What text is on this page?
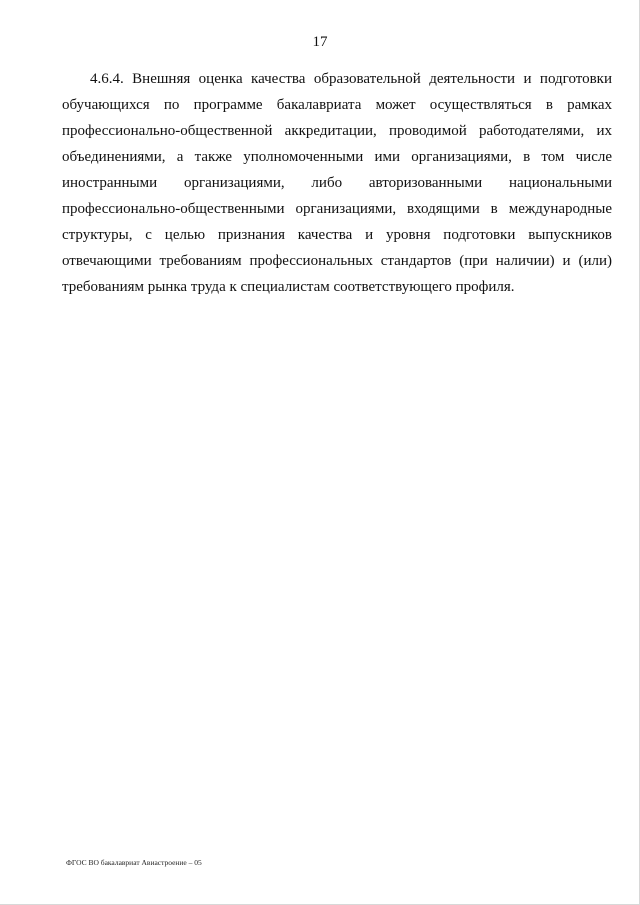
17

4.6.4. Внешняя оценка качества образовательной деятельности и подготовки обучающихся по программе бакалавриата может осуществляться в рамках профессионально-общественной аккредитации, проводимой работодателями, их объединениями, а также уполномоченными ими организациями, в том числе иностранными организациями, либо авторизованными национальными профессионально-общественными организациями, входящими в международные структуры, с целью признания качества и уровня подготовки выпускников отвечающими требованиям профессиональных стандартов (при наличии) и (или) требованиям рынка труда к специалистам соответствующего профиля.

ФГОС ВО бакалавриат Авиастроение – 05
